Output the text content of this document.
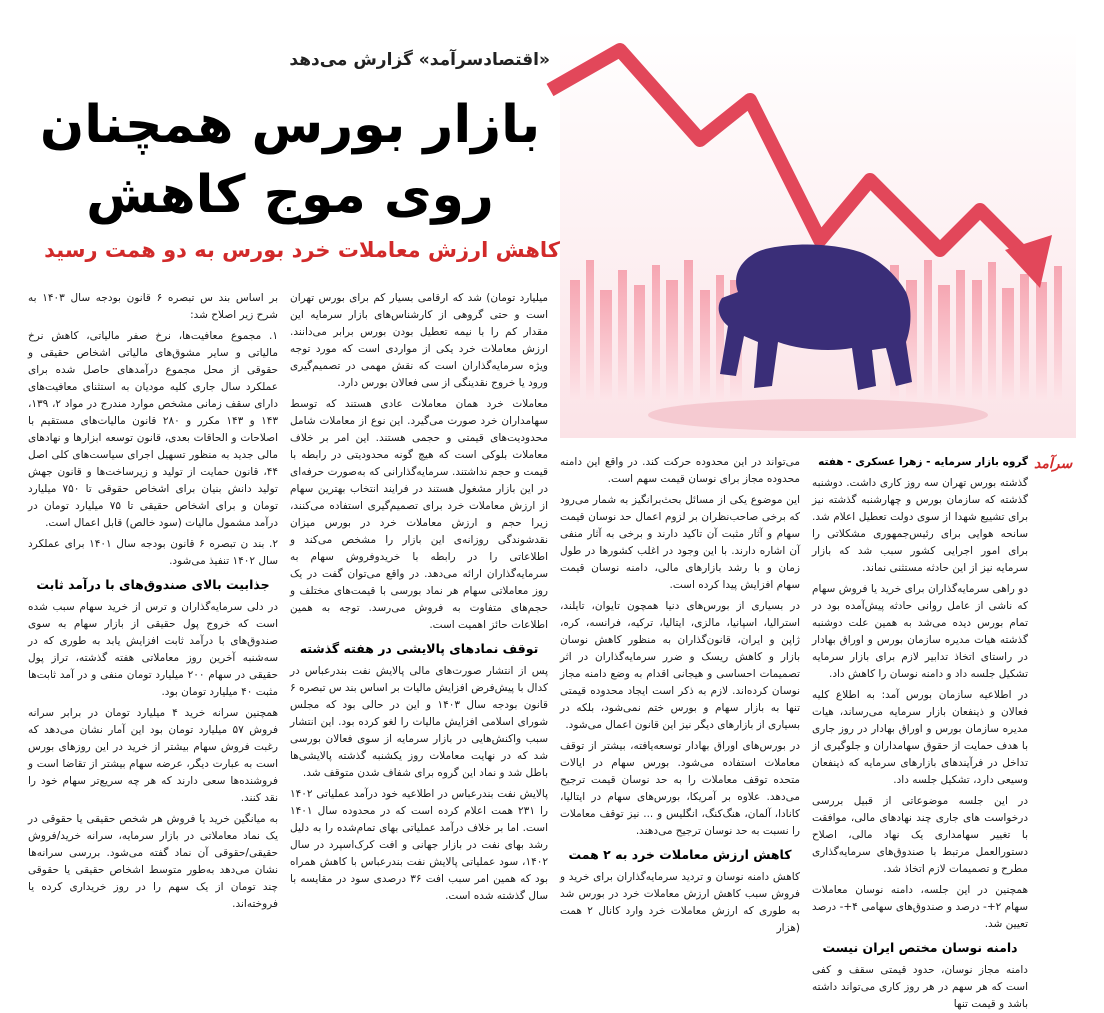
«اقتصادسرآمد» گزارش می‌دهد
بازار بورس همچنان
روی موج کاهش
کاهش ارزش معاملات خرد بورس به دو همت رسید
سرآمد

گروه بازار سرمایه - زهرا عسکری - هفته

گذشته بورس تهران سه روز کاری داشت. دوشنبه گذشته که سازمان بورس و چهارشنبه گذشته نیز برای تشییع شهدا از سوی دولت تعطیل اعلام شد. سانحه هوایی برای رئیس‌جمهوری مشکلاتی را برای امور اجرایی کشور سبب شد که بازار سرمایه نیز از این حادثه مستثنی نماند.

دو راهی سرمایه‌گذاران برای خرید یا فروش سهام که ناشی از عامل روانی حادثه پیش‌آمده بود در تمام بورس دیده می‌شد به همین علت دوشنبه گذشته هیات مدیره سازمان بورس و اوراق بهادار در راستای اتخاذ تدابیر لازم برای بازار سرمایه تشکیل جلسه داد و دامنه نوسان را کاهش داد.

در اطلاعیه سازمان بورس آمد: به اطلاع کلیه فعالان و ذینفعان بازار سرمایه می‌رساند، هیات مدیره سازمان بورس و اوراق بهادار در روز جاری با هدف حمایت از حقوق سهامداران و جلوگیری از تداخل در فرآیندهای بازارهای سرمایه که ذینفعان وسیعی دارد، تشکیل جلسه داد.

در این جلسه موضوعاتی از قبیل بررسی درخواست های جاری چند نهادهای مالی، موافقت با تغییر سهامداری یک نهاد مالی، اصلاح دستورالعمل مرتبط با صندوق‌های سرمایه‌گذاری مطرح و تصمیمات لازم اتخاذ شد.

همچنین در این جلسه، دامنه نوسان معاملات سهام ۲+- درصد و صندوق‌های سهامی ۴+- درصد تعیین شد.

دامنه نوسان مختص ایران نیست

دامنه مجاز نوسان، حدود قیمتی سقف و کفی است که هر سهم در هر روز کاری می‌تواند داشته باشد و قیمت تنها

می‌تواند در این محدوده حرکت کند. در واقع این دامنه محدوده مجاز برای نوسان قیمت سهم است.

این موضوع یکی از مسائل بحث‌برانگیز به شمار می‌رود که برخی صاحب‌نظران بر لزوم اعمال حد نوسان قیمت سهام و آثار مثبت آن تاکید دارند و برخی به آثار منفی آن اشاره دارند. با این وجود در اغلب کشورها در طول زمان و با رشد بازارهای مالی، دامنه نوسان قیمت سهام افزایش پیدا کرده است.

در بسیاری از بورس‌های دنیا همچون تایوان، تایلند، استرالیا، اسپانیا، مالزی، ایتالیا، ترکیه، فرانسه، کره، ژاپن و ایران، قانون‌گذاران به منظور کاهش نوسان بازار و کاهش ریسک و ضرر سرمایه‌گذاران در اثر تصمیمات احساسی و هیجانی اقدام به وضع دامنه مجاز نوسان کرده‌اند. لازم به ذکر است ایجاد محدوده قیمتی تنها به بازار سهام و بورس ختم نمی‌شود، بلکه در بسیاری از بازارهای دیگر نیز این قانون اعمال می‌شود.

در بورس‌های اوراق بهادار توسعه‌یافته، بیشتر از توقف معاملات استفاده می‌شود. بورس سهام در ایالات متحده توقف معاملات را به حد نوسان قیمت ترجیح می‌دهد. علاوه بر آمریکا، بورس‌های سهام در ایتالیا، کانادا، آلمان، هنگ‌کنگ، انگلیس و ... نیز توقف معاملات را نسبت به حد نوسان ترجیح می‌دهند.

کاهش ارزش معاملات خرد به ۲ همت

کاهش دامنه نوسان و تردید سرمایه‌گذاران برای خرید و فروش سبب کاهش ارزش معاملات خرد در بورس شد به طوری که ارزش معاملات خرد وارد کانال ۲ همت (هزار

میلیارد تومان) شد که ارقامی بسیار کم برای بورس تهران است و حتی گروهی از کارشناس‌های بازار سرمایه این مقدار کم را با نیمه تعطیل بودن بورس برابر می‌دانند. ارزش معاملات خرد یکی از مواردی است که مورد توجه ویژه سرمایه‌گذاران است که نقش مهمی در تصمیم‌گیری ورود یا خروج نقدینگی از سی فعالان بورس دارد.

معاملات خرد همان معاملات عادی هستند که توسط سهامداران خرد صورت می‌گیرد. این نوع از معاملات شامل محدودیت‌های قیمتی و حجمی هستند. این امر بر خلاف معاملات بلوکی است که هیچ گونه محدودیتی در رابطه با قیمت و حجم نداشتند. سرمایه‌گذارانی که به‌صورت حرفه‌ای در این بازار مشغول هستند در فرایند انتخاب بهترین سهام از ارزش معاملات خرد برای تصمیم‌گیری استفاده می‌کنند، زیرا حجم و ارزش معاملات خرد در بورس میزان نقدشوندگی روزانه‌ی این بازار را مشخص می‌کند و اطلاعاتی را در رابطه با خریدوفروش سهام به سرمایه‌گذاران ارائه می‌دهد. در واقع می‌توان گفت در یک روز معاملاتی سهام هر نماد بورسی با قیمت‌های مختلف و حجم‌های متفاوت به فروش می‌رسد. توجه به همین اطلاعات حائز اهمیت است.

توقف نمادهای پالایشی در هفته گذشته

پس از انتشار صورت‌های مالی پالایش نفت بندرعباس در کدال با پیش‌فرض افزایش مالیات بر اساس بند س تبصره ۶ قانون بودجه سال ۱۴۰۳ و این در حالی بود که مجلس شورای اسلامی افزایش مالیات را لغو کرده بود. این انتشار سبب واکنش‌هایی در بازار سرمایه از سوی فعالان بورسی شد که در نهایت معاملات روز یکشنبه گذشته پالایشی‌ها باطل شد و نماد این گروه برای شفاف شدن متوقف شد.

پالایش نفت بندرعباس در اطلاعیه خود درآمد عملیاتی ۱۴۰۲ را ۲۳۱ همت اعلام کرده است که در محدوده سال ۱۴۰۱ است. اما بر خلاف درآمد عملیاتی بهای تمام‌شده را به دلیل رشد بهای نفت در بازار جهانی و افت کرک‌اسپرد در سال ۱۴۰۲، سود عملیاتی پالایش نفت بندرعباس با کاهش همراه بود که همین امر سبب افت ۳۶ درصدی سود در مقایسه با سال گذشته شده است.

بر اساس بند س تبصره ۶ قانون بودجه سال ۱۴۰۳ به شرح زیر اصلاح شد:

۱. مجموع معافیت‌ها، نرخ صفر مالیاتی، کاهش نرخ مالیاتی و سایر مشوق‌های مالیاتی اشخاص حقیقی و حقوقی از محل مجموع درآمدهای حاصل شده برای عملکرد سال جاری کلیه مودیان به استثنای معافیت‌های دارای سقف زمانی مشخص موارد مندرج در مواد ۲، ۱۳۹، ۱۴۳ و ۱۴۳ مکرر و ۲۸۰ قانون مالیات‌های مستقیم با اصلاحات و الحاقات بعدی، قانون توسعه ابزارها و نهادهای مالی جدید به منظور تسهیل اجرای سیاست‌های کلی اصل ۴۴، قانون حمایت از تولید و زیرساخت‌ها و قانون جهش تولید دانش بنیان برای اشخاص حقوقی تا ۷۵۰ میلیارد تومان و برای اشخاص حقیقی تا ۷۵ میلیارد تومان در درآمد مشمول مالیات (سود خالص) قابل اعمال است.

۲. بند ن تبصره ۶ قانون بودجه سال ۱۴۰۱ برای عملکرد سال ۱۴۰۲ تنفیذ می‌شود.

جذابیت بالای صندوق‌های با درآمد ثابت

در دلی سرمایه‌گذاران و ترس از خرید سهام سبب شده است که خروج پول حقیقی از بازار سهام به سوی صندوق‌های با درآمد ثابت افزایش یابد به طوری که در سه‌شنبه آخرین روز معاملاتی هفته گذشته، تراز پول حقیقی در سهام ۲۰۰ میلیارد تومان منفی و در آمد ثابت‌ها مثبت ۴۰ میلیارد تومان بود.

همچنین سرانه خرید ۴ میلیارد تومان در برابر سرانه فروش ۵۷ میلیارد تومان بود این آمار نشان می‌دهد که رغبت فروش سهام بیشتر از خرید در این روزهای بورس است به عبارت دیگر، عرضه سهام بیشتر از تقاضا است و فروشنده‌ها سعی دارند که هر چه سریع‌تر سهام خود را نقد کنند.

به میانگین خرید یا فروش هر شخص حقیقی یا حقوقی در یک نماد معاملاتی در بازار سرمایه، سرانه خرید/فروش حقیقی/حقوقی آن نماد گفته می‌شود. بررسی سرانه‌ها نشان می‌دهد به‌طور متوسط اشخاص حقیقی یا حقوقی چند تومان از یک سهم را در روز خریداری کرده یا فروخته‌اند.
